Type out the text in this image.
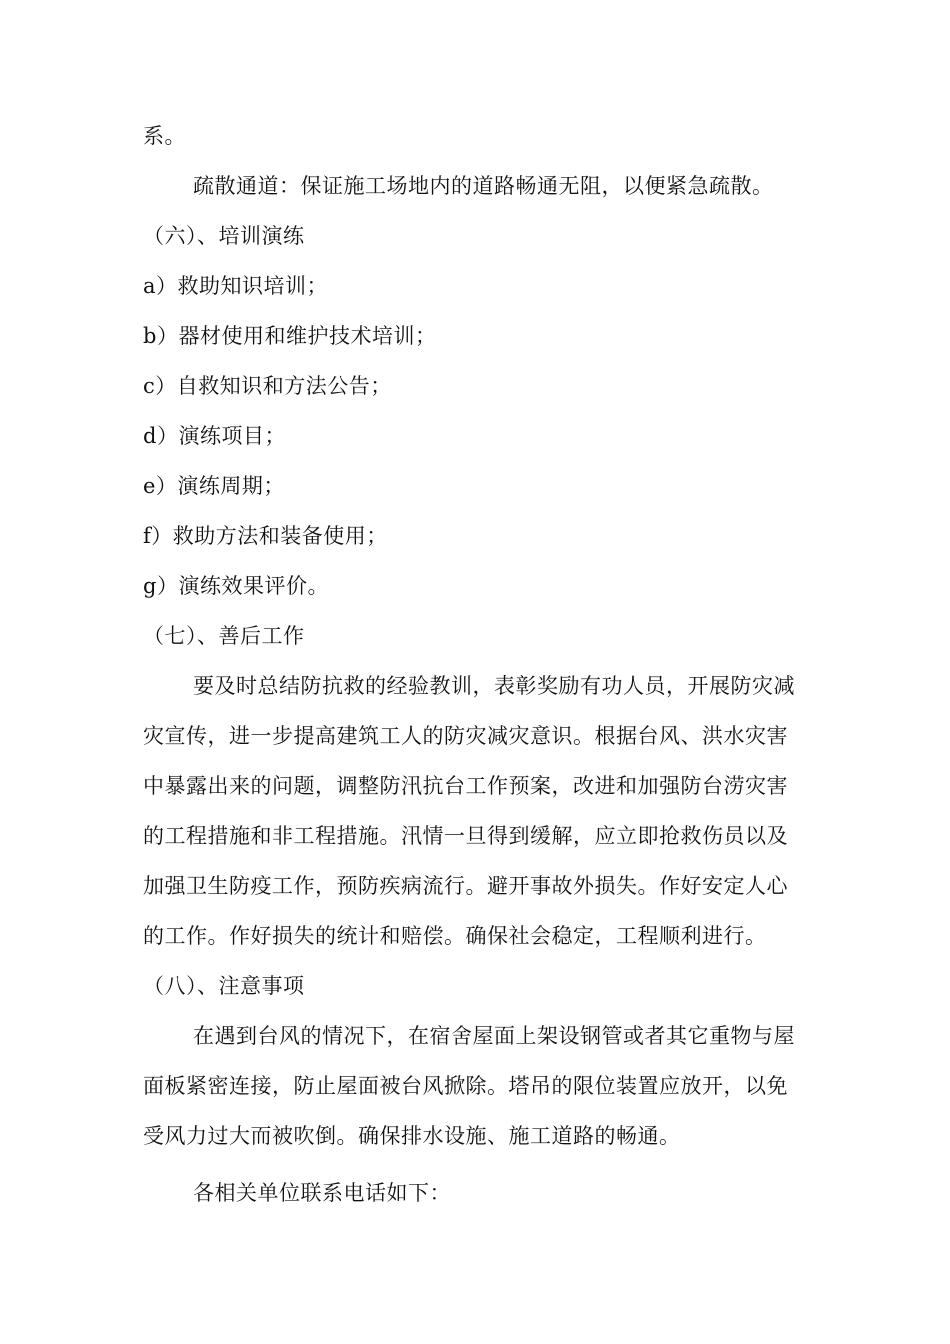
系。
疏散通道：保证施工场地内的道路畅通无阻，以便紧急疏散。
（六）、培训演练
a）救助知识培训；
b）器材使用和维护技术培训；
c）自救知识和方法公告；
d）演练项目；
e）演练周期；
f）救助方法和装备使用；
g）演练效果评价。
（七）、善后工作
要及时总结防抗救的经验教训，表彰奖励有功人员，开展防灾减
灾宣传，进一步提高建筑工人的防灾减灾意识。根据台风、洪水灾害
中暴露出来的问题，调整防汛抗台工作预案，改进和加强防台涝灾害
的工程措施和非工程措施。汛情一旦得到缓解，应立即抢救伤员以及
加强卫生防疫工作，预防疾病流行。避开事故外损失。作好安定人心
的工作。作好损失的统计和赔偿。确保社会稳定，工程顺利进行。
（八）、注意事项
在遇到台风的情况下，在宿舍屋面上架设钢管或者其它重物与屋
面板紧密连接，防止屋面被台风掀除。塔吊的限位装置应放开，以免
受风力过大而被吹倒。确保排水设施、施工道路的畅通。
各相关单位联系电话如下：
